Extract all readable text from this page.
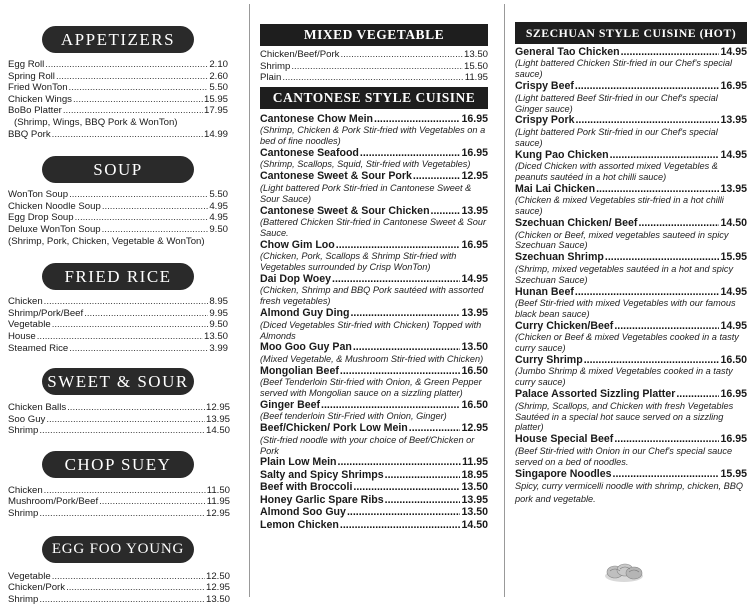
APPETIZERS
Egg Roll .....	2.10
Spring Roll .....	2.60
Fried WonTon .....	5.50
Chicken Wings .....	15.95
BoBo Platter .....	17.95
(Shrimp, Wings, BBQ Pork & WonTon)
BBQ Pork .....	14.99
SOUP
WonTon Soup .....	5.50
Chicken Noodle Soup .....	4.95
Egg Drop Soup .....	4.95
Deluxe WonTon Soup .....	9.50
(Shrimp, Pork, Chicken, Vegetable & WonTon)
FRIED RICE
Chicken .....	8.95
Shrimp/Pork/Beef .....	9.95
Vegetable .....	9.50
House .....	13.50
Steamed Rice .....	3.99
SWEET & SOUR
Chicken Balls .....	12.95
Soo Guy .....	13.95
Shrimp .....	14.50
CHOP SUEY
Chicken .....	11.50
Mushroom/Pork/Beef .....	11.95
Shrimp .....	12.95
EGG FOO YOUNG
Vegetable .....	12.50
Chicken/Pork .....	12.95
Shrimp .....	13.50
MIXED VEGETABLE
Chicken/Beef/Pork .....	13.50
Shrimp .....	15.50
Plain .....	11.95
CANTONESE STYLE CUISINE
Cantonese Chow Mein .....	16.95
(Shrimp, Chicken & Pork Stir-fried with Vegetables on a bed of fine noodles)
Cantonese Seafood .....	16.95
(Shrimp, Scallops, Squid, Stir-fried with Vegetables)
Cantonese Sweet & Sour Pork .....	12.95
(Light battered Pork Stir-fried in Cantonese Sweet & Sour Sauce)
Cantonese Sweet & Sour Chicken .....	13.95
(Battered Chicken Stir-fried in Cantonese Sweet & Sour Sauce.
Chow Gim Loo .....	16.95
(Chicken, Pork, Scallops & Shrimp Stir-fried with Vegetables surrounded by Crisp WonTon)
Dai Dop Woey .....	14.95
(Chicken, Shrimp and BBQ Pork sautéed with assorted fresh vegetables)
Almond Guy Ding .....	13.95
(Diced Vegetables Stir-fried with Chicken) Topped with Almonds
Moo Goo Guy Pan .....	13.50
(Mixed Vegetable, & Mushroom Stir-fried with Chicken)
Mongolian Beef .....	16.50
(Beef Tenderloin Stir-fried with Onion, & Green Pepper served with Mongolian sauce on a sizzling platter)
Ginger Beef .....	16.50
(Beef tenderloin Stir-Fried with Onion, Ginger)
Beef/Chicken/ Pork Low Mein .....	12.95
(Stir-fried noodle with your choice of Beef/Chicken or Pork
Plain Low Mein .....	11.95
Salty and Spicy Shrimps .....	18.95
Beef with Broccoli .....	13.50
Honey Garlic Spare Ribs .....	13.95
Almond Soo Guy .....	13.50
Lemon Chicken .....	14.50
SZECHUAN STYLE CUISINE (HOT)
General Tao Chicken .....	14.95
(Light battered Chicken Stir-fried in our Chef's special sauce)
Crispy Beef .....	16.95
(Light battered Beef Stir-fried in our Chef's special Ginger sauce)
Crispy Pork .....	13.95
(Light battered Pork Stir-fried in our Chef's special sauce)
Kung Pao Chicken .....	14.95
(Diced Chicken with assorted mixed Vegetables & peanuts sautéed in a hot chilli sauce)
Mai Lai Chicken .....	13.95
(Chicken & mixed Vegetables stir-fried in a hot chilli sauce)
Szechuan Chicken/ Beef .....	14.50
(Chicken or Beef, mixed vegetables sauteed in spicy Szechuan Sauce)
Szechuan Shrimp .....	15.95
(Shrimp, mixed vegetables sautéed in a hot and spicy Szechuan Sauce)
Hunan Beef .....	14.95
(Beef Stir-fried with mixed Vegetables with our famous black bean sauce)
Curry Chicken/Beef .....	14.95
(Chicken or Beef & mixed Vegetables cooked in a tasty curry sauce)
Curry Shrimp .....	16.50
(Jumbo Shrimp & mixed Vegetables cooked in a tasty curry sauce)
Palace Assorted Sizzling Platter .....	16.95
(Shrimp, Scallops, and Chicken with fresh Vegetables Sautéed in a special hot sauce served on a sizzling platter)
House Special Beef .....	16.95
(Beef Stir-fried with Onion in our Chef's special sauce served on a bed of noodles.
Singapore Noodles .....	15.95
Spicy, curry vermicelli noodle with shrimp, chicken, BBQ pork and vegetable.
